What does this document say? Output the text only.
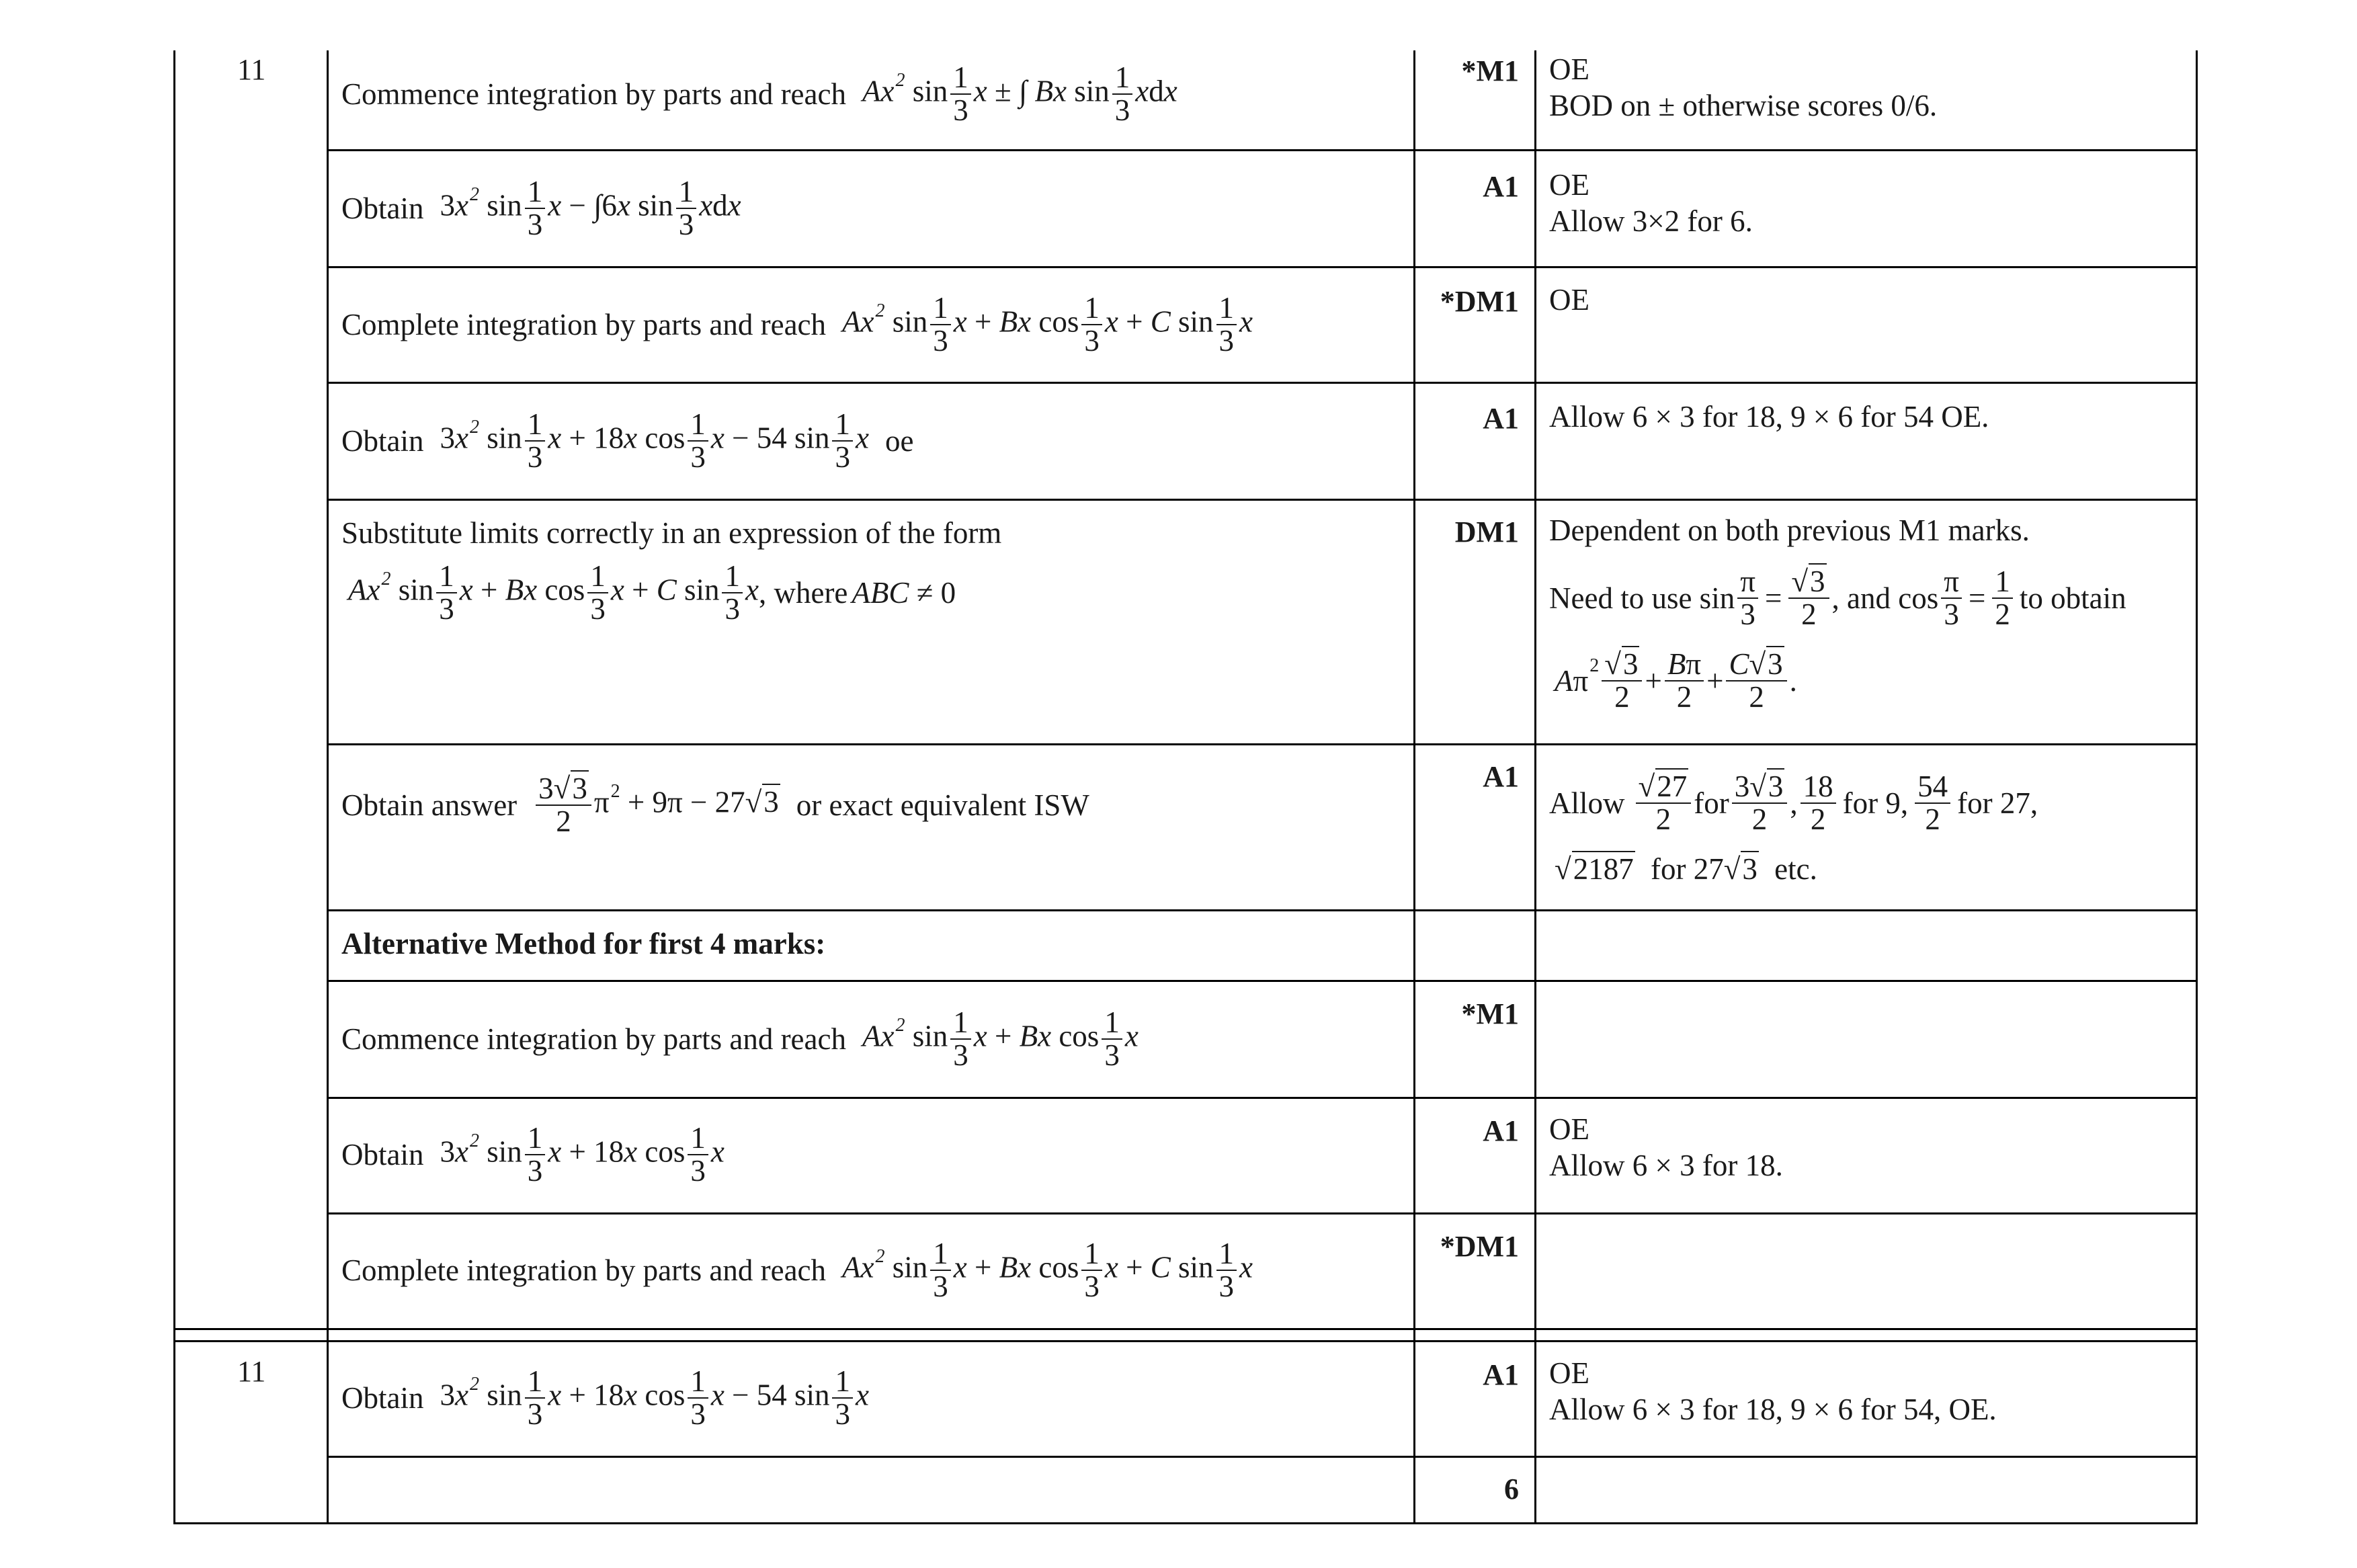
11
11
Commence integration by parts and reach Ax$^2$ $\sin \frac{1}{3}$ x ± ∫ Bx $\sin \frac{1}{3}$ xdx
*M1 OE
BOD on ± otherwise scores 0/6.
Obtain $3x^2$ $\sin \frac{1}{3}$ x − ∫6x $\sin \frac{1}{3}$ xdx
A1 OE
Allow 3×2 for 6.
Complete integration by parts and reach Ax$^2$ $\sin \frac{1}{3}$ x + Bx $\cos \frac{1}{3}$ x + C $\sin \frac{1}{3}$ x
*DM1 OE
Obtain $3x^2$ $\sin \frac{1}{3}$ x + 18x $\cos \frac{1}{3}$ x − 54 $\sin \frac{1}{3}$ x oe
A1 Allow 6 × 3 for 18, 9 × 6 for 54 OE.
Substitute limits correctly in an expression of the form
Ax$^2$ $\sin \frac{1}{3}$ x + Bx $\cos \frac{1}{3}$ x + C $\sin \frac{1}{3}$ x , where ABC ≠ 0
DM1 Dependent on both previous M1 marks.
Need to use $\sin \frac{\pi}{3} = \frac{√3}{2}$ , and $\cos \frac{\pi}{3} = \frac{1}{2}$ to obtain
A π $2 \frac{√3}{2} + \frac{B\pi}{2} + \frac{C√3}{2}$ .
Obtain answer $\frac{3√3}{2} \pi^2 + 9\pi - 27√3$ or exact equivalent ISW
A1
Allow $\frac{√27}{2}$ for $\frac{3√3}{2}$ , $\frac{18}{2}$ for 9, $\frac{54}{2}$ for 27,
√2187 for 27√3 etc.
Alternative Method for first 4 marks:
Commence integration by parts and reach Ax$^2$ $\sin \frac{1}{3}$ x + Bx $\cos \frac{1}{3}$ x
*M1
Obtain $3x^2$ $\sin \frac{1}{3}$ x + 18x $\cos \frac{1}{3}$ x
A1 OE
Allow 6 × 3 for 18.
Complete integration by parts and reach Ax$^2$ $\sin \frac{1}{3}$ x + Bx $\cos \frac{1}{3}$ x + C $\sin \frac{1}{3}$ x
*DM1
Obtain $3x^2$ $\sin \frac{1}{3}$ x + 18x $\cos \frac{1}{3}$ x − 54 $\sin \frac{1}{3}$ x
A1 OE
Allow 6 × 3 for 18, 9 × 6 for 54, OE.
6
